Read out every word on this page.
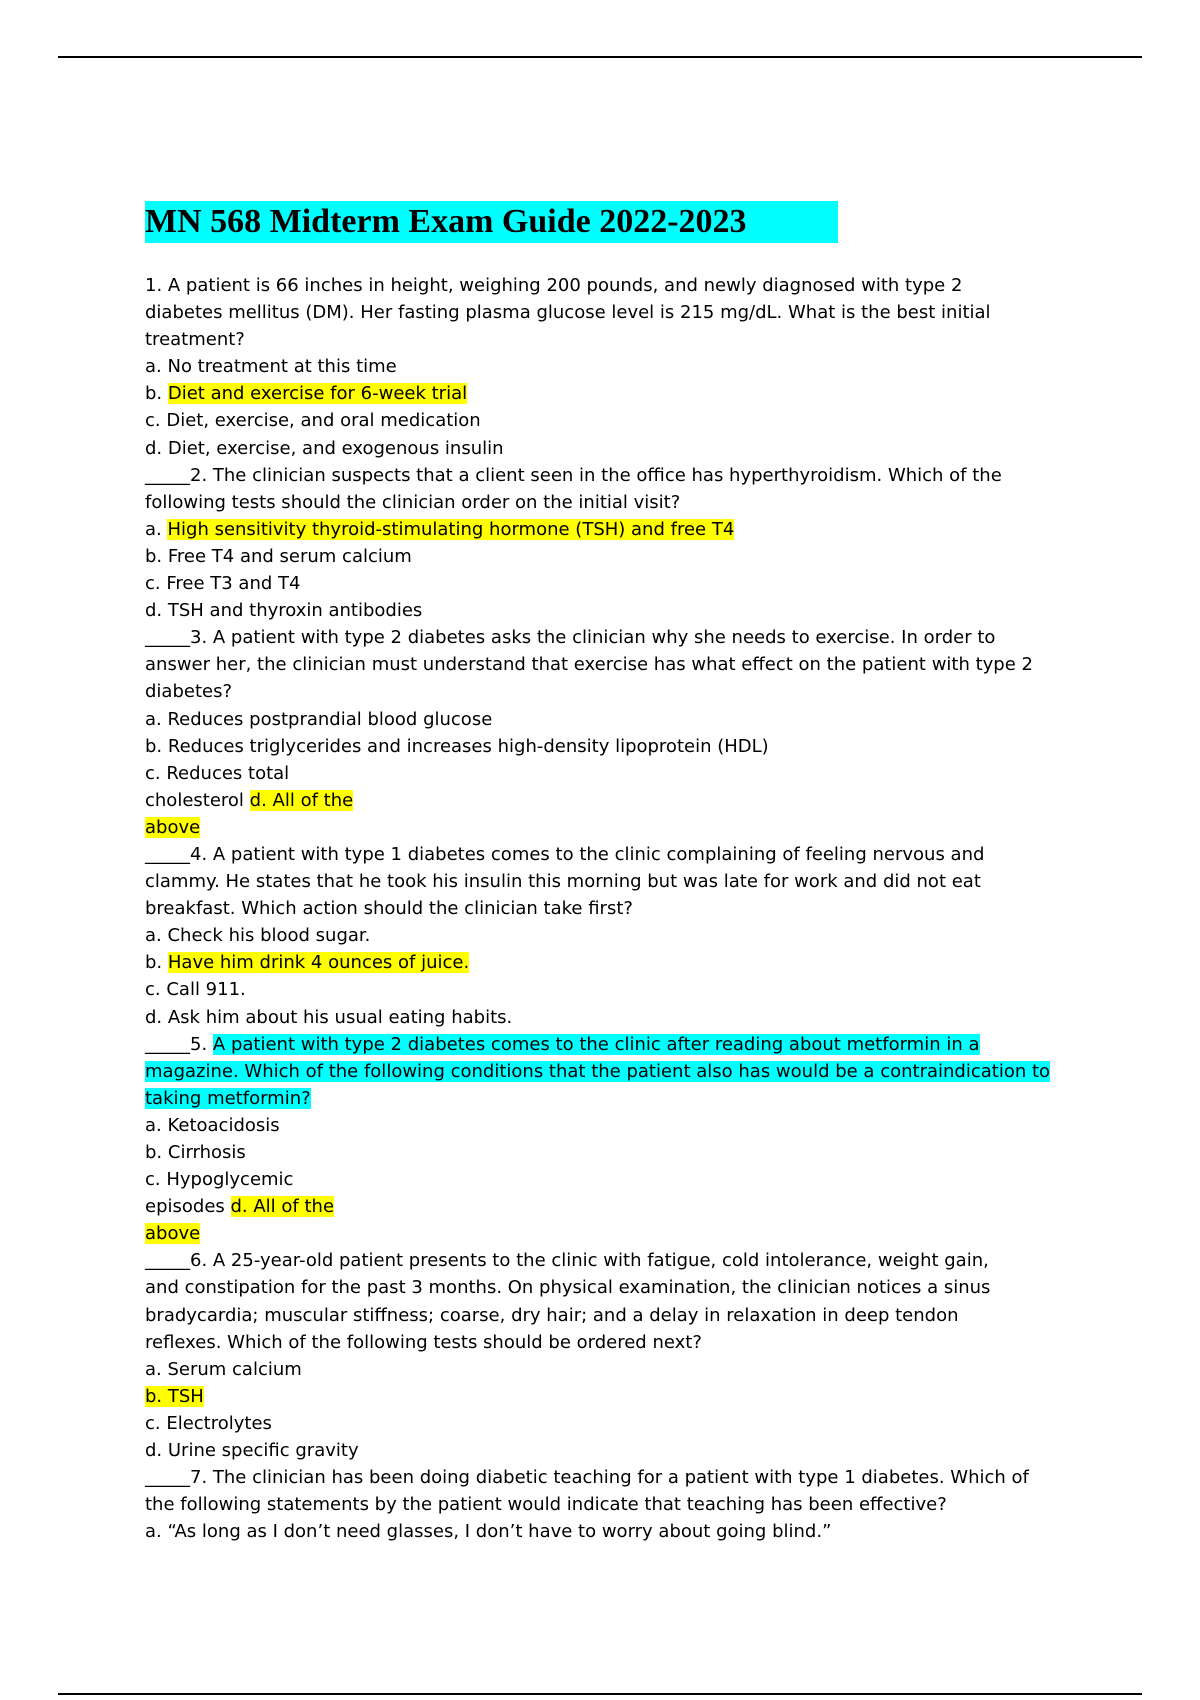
MN 568 Midterm Exam Guide 2022-2023
1. A patient is 66 inches in height, weighing 200 pounds, and newly diagnosed with type 2
diabetes mellitus (DM). Her fasting plasma glucose level is 215 mg/dL. What is the best initial
treatment?
a. No treatment at this time
b. Diet and exercise for 6-week trial
c. Diet, exercise, and oral medication
d. Diet, exercise, and exogenous insulin
_____2. The clinician suspects that a client seen in the office has hyperthyroidism. Which of the
following tests should the clinician order on the initial visit?
a. High sensitivity thyroid-stimulating hormone (TSH) and free T4
b. Free T4 and serum calcium
c. Free T3 and T4
d. TSH and thyroxin antibodies
_____3. A patient with type 2 diabetes asks the clinician why she needs to exercise. In order to
answer her, the clinician must understand that exercise has what effect on the patient with type 2
diabetes?
a. Reduces postprandial blood glucose
b. Reduces triglycerides and increases high-density lipoprotein (HDL)
c. Reduces total
cholesterol d. All of the
above
_____4. A patient with type 1 diabetes comes to the clinic complaining of feeling nervous and
clammy. He states that he took his insulin this morning but was late for work and did not eat
breakfast. Which action should the clinician take first?
a. Check his blood sugar.
b. Have him drink 4 ounces of juice.
c. Call 911.
d. Ask him about his usual eating habits.
_____5. A patient with type 2 diabetes comes to the clinic after reading about metformin in a
magazine. Which of the following conditions that the patient also has would be a contraindication to
taking metformin?
a. Ketoacidosis
b. Cirrhosis
c. Hypoglycemic
episodes d. All of the
above
_____6. A 25-year-old patient presents to the clinic with fatigue, cold intolerance, weight gain,
and constipation for the past 3 months. On physical examination, the clinician notices a sinus
bradycardia; muscular stiffness; coarse, dry hair; and a delay in relaxation in deep tendon
reflexes. Which of the following tests should be ordered next?
a. Serum calcium
b. TSH
c. Electrolytes
d. Urine specific gravity
_____7. The clinician has been doing diabetic teaching for a patient with type 1 diabetes. Which of
the following statements by the patient would indicate that teaching has been effective?
a. “As long as I don’t need glasses, I don’t have to worry about going blind.”
